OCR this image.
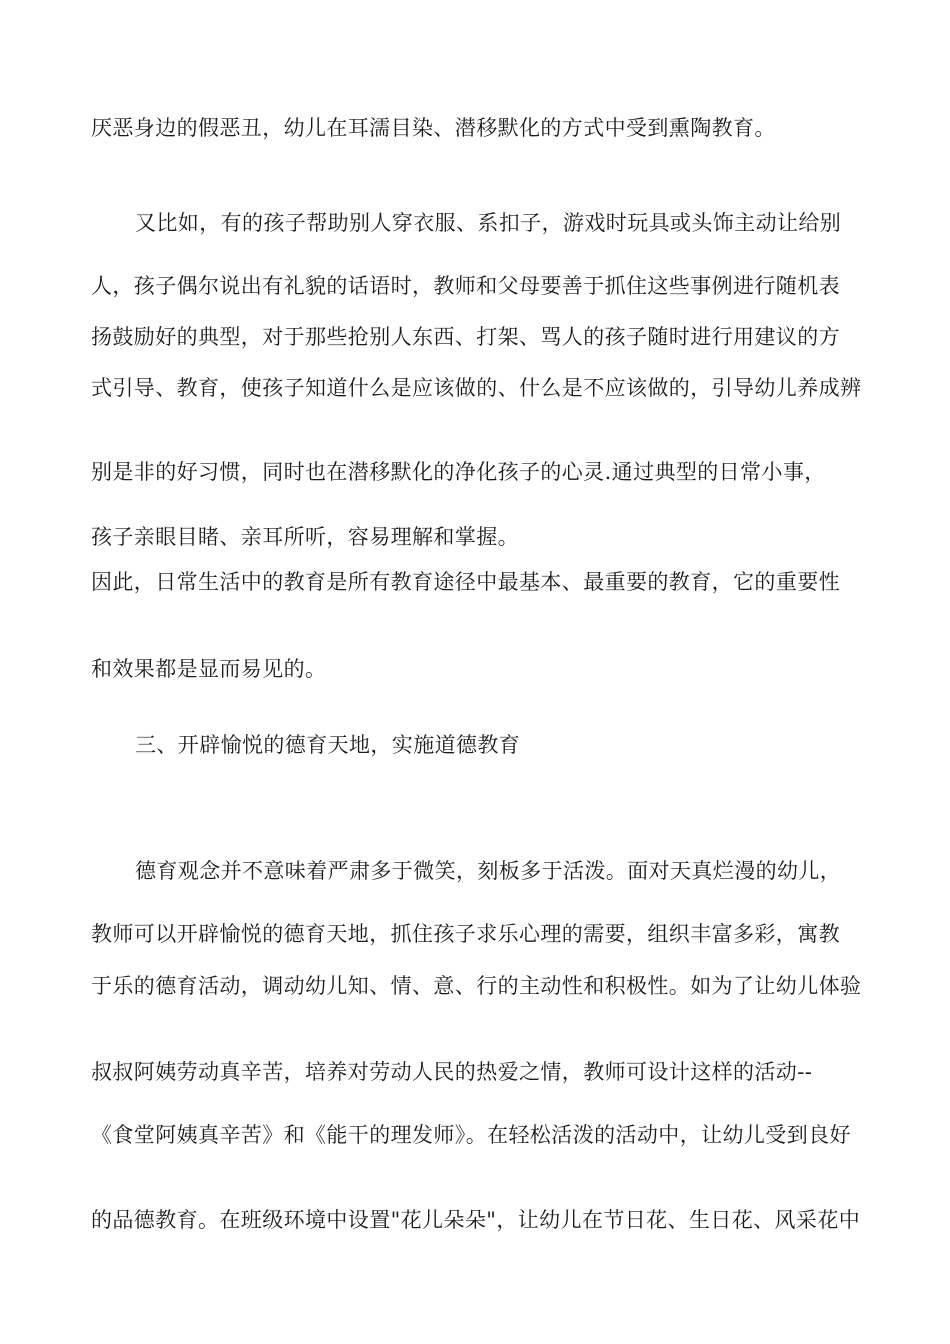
厌恶身边的假恶丑，幼儿在耳濡目染、潜移默化的方式中受到熏陶教育。
又比如，有的孩子帮助别人穿衣服、系扣子，游戏时玩具或头饰主动让给别
人，孩子偶尔说出有礼貌的话语时，教师和父母要善于抓住这些事例进行随机表
扬鼓励好的典型，对于那些抢别人东西、打架、骂人的孩子随时进行用建议的方
式引导、教育，使孩子知道什么是应该做的、什么是不应该做的，引导幼儿养成辨
别是非的好习惯，同时也在潜移默化的净化孩子的心灵.通过典型的日常小事，
孩子亲眼目睹、亲耳所听，容易理解和掌握。
因此，日常生活中的教育是所有教育途径中最基本、最重要的教育，它的重要性
和效果都是显而易见的。
三、开辟愉悦的德育天地，实施道德教育
德育观念并不意味着严肃多于微笑，刻板多于活泼。面对天真烂漫的幼儿，
教师可以开辟愉悦的德育天地，抓住孩子求乐心理的需要，组织丰富多彩，寓教
于乐的德育活动，调动幼儿知、情、意、行的主动性和积极性。如为了让幼儿体验
叔叔阿姨劳动真辛苦，培养对劳动人民的热爱之情，教师可设计这样的活动--
《食堂阿姨真辛苦》和《能干的理发师》。在轻松活泼的活动中，让幼儿受到良好
的品德教育。在班级环境中设置"花儿朵朵"，让幼儿在节日花、生日花、风采花中
